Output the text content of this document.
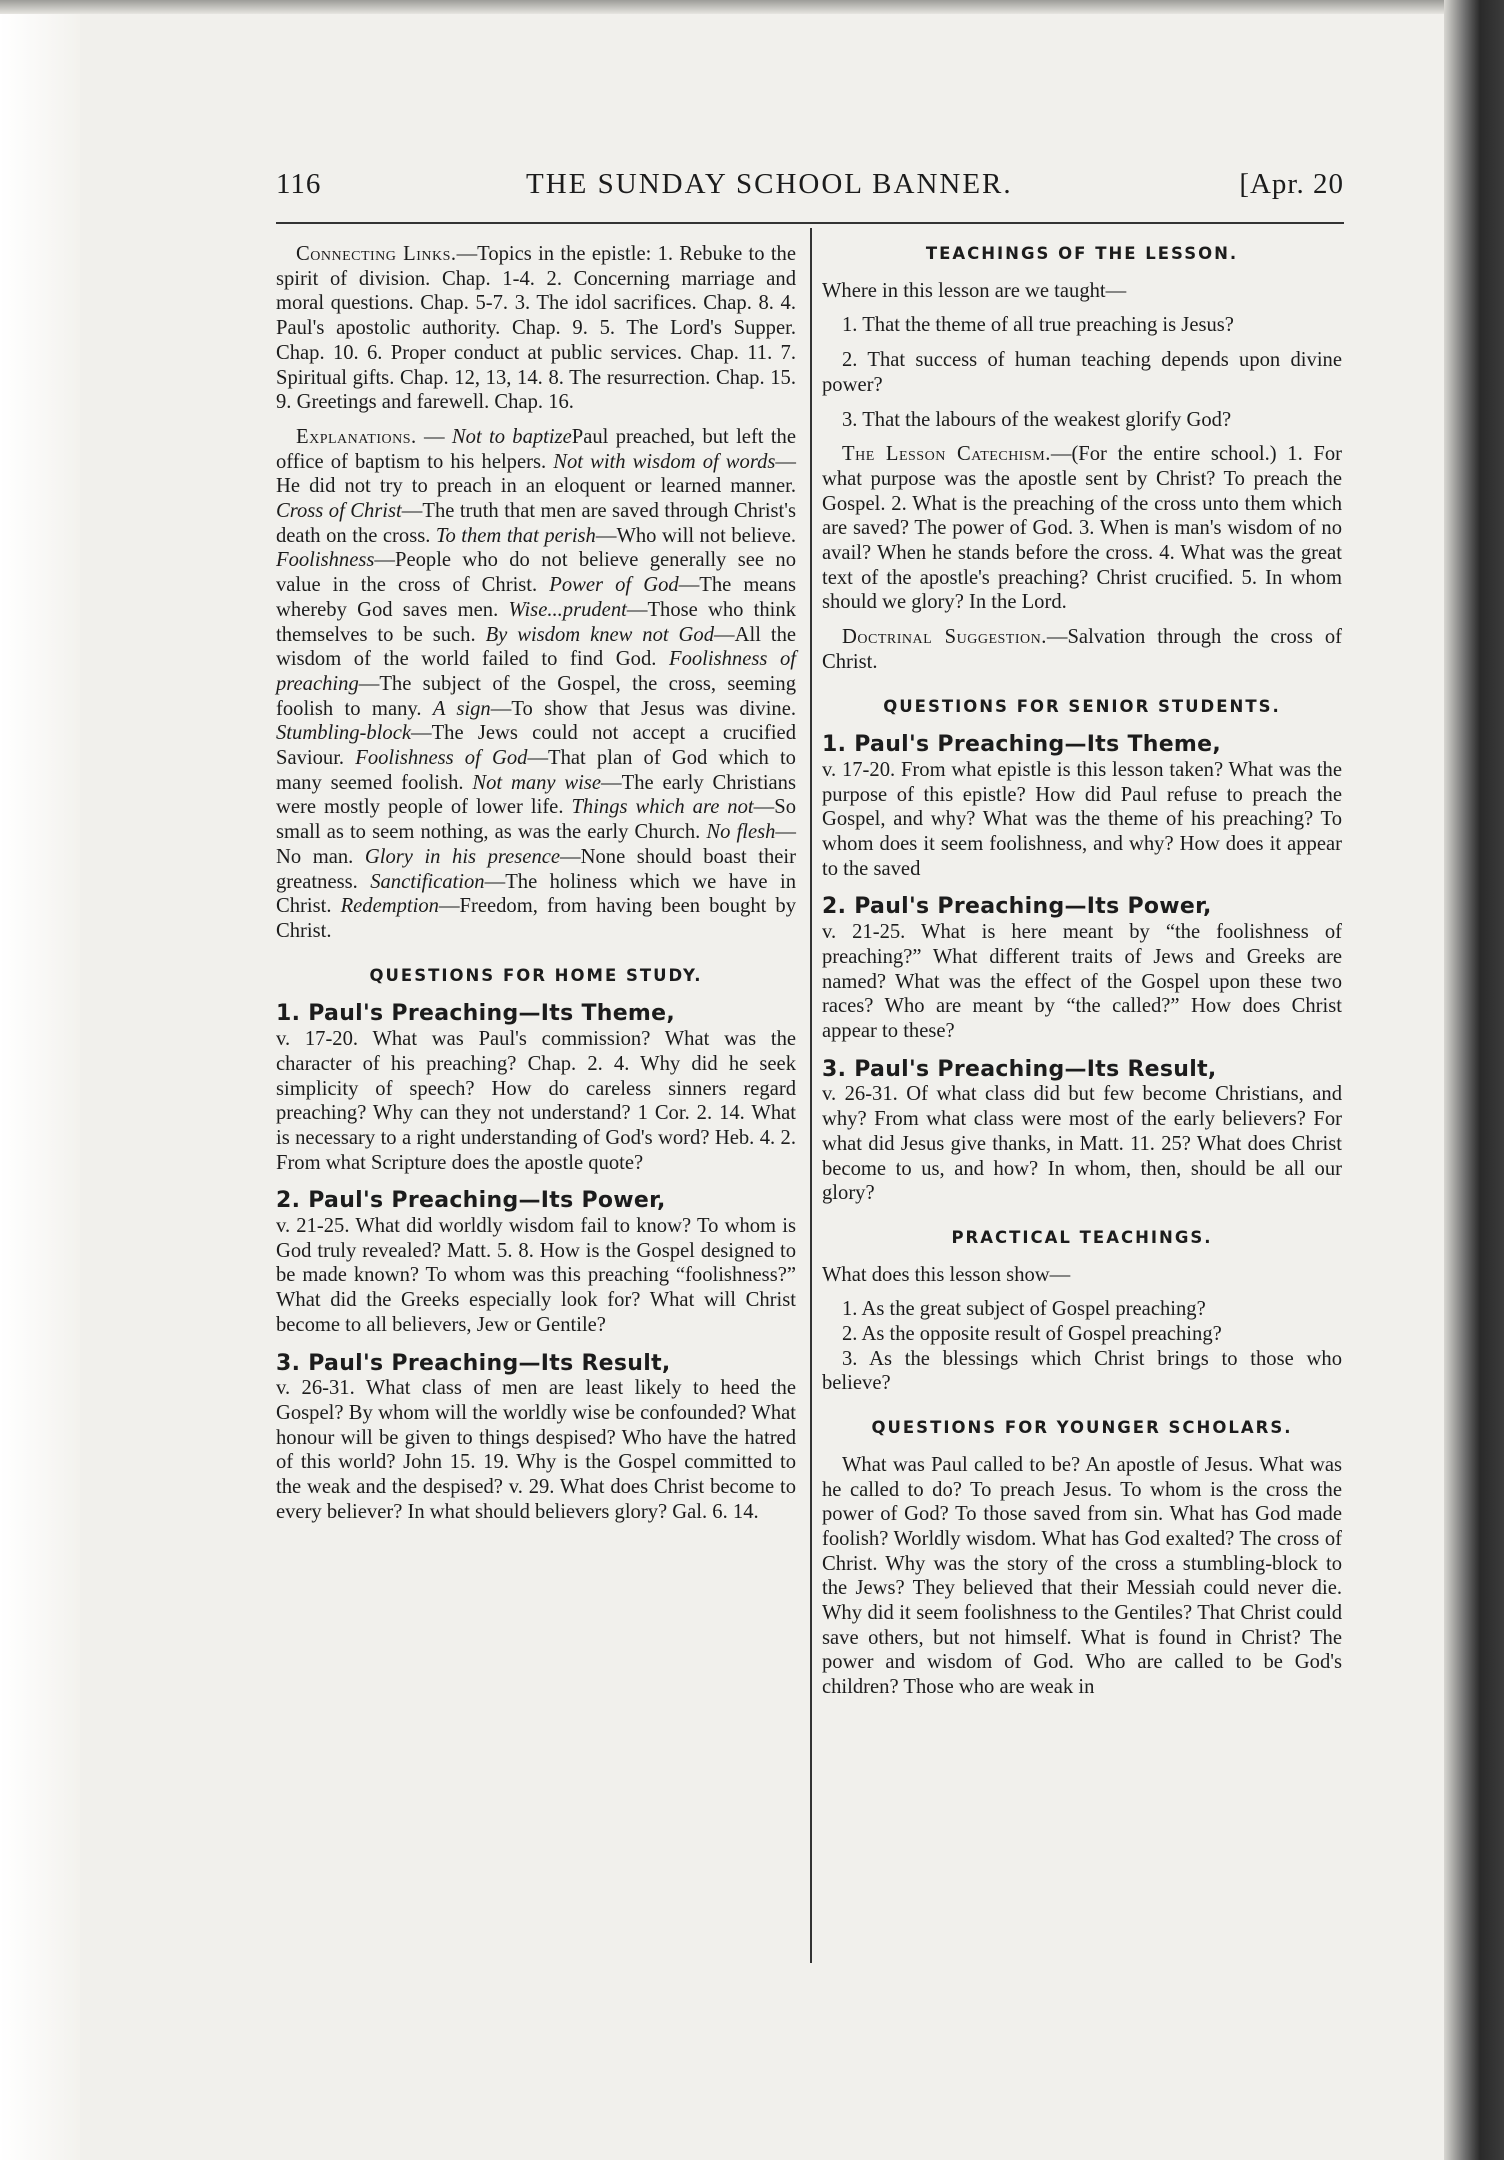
116	THE SUNDAY SCHOOL BANNER.	[Apr. 20

Connecting Links.—Topics in the epistle: 1. Rebuke to the spirit of division. Chap. 1-4. 2. Concerning marriage and moral questions. Chap. 5-7. 3. The idol sacrifices. Chap. 8. 4. Paul's apostolic authority. Chap. 9. 5. The Lord's Supper. Chap. 10. 6. Proper conduct at public services. Chap. 11. 7. Spiritual gifts. Chap. 12, 13, 14. 8. The resurrection. Chap. 15. 9. Greetings and farewell. Chap. 16.

Explanations. — Not to baptizePaul preached, but left the office of baptism to his helpers. Not with wisdom of words—He did not try to preach in an eloquent or learned manner. Cross of Christ—The truth that men are saved through Christ's death on the cross. To them that perish—Who will not believe. Foolishness—People who do not believe generally see no value in the cross of Christ. Power of God—The means whereby God saves men. Wise...prudent—Those who think themselves to be such. By wisdom knew not God—All the wisdom of the world failed to find God. Foolishness of preaching—The subject of the Gospel, the cross, seeming foolish to many. A sign—To show that Jesus was divine. Stumbling-block—The Jews could not accept a crucified Saviour. Foolishness of God—That plan of God which to many seemed foolish. Not many wise—The early Christians were mostly people of lower life. Things which are not—So small as to seem nothing, as was the early Church. No flesh—No man. Glory in his presence—None should boast their greatness. Sanctification—The holiness which we have in Christ. Redemption—Freedom, from having been bought by Christ.

QUESTIONS FOR HOME STUDY.
1. Paul's Preaching—Its Theme,

v. 17-20. What was Paul's commission? What was the character of his preaching? Chap. 2. 4. Why did he seek simplicity of speech? How do careless sinners regard preaching? Why can they not understand? 1 Cor. 2. 14. What is necessary to a right understanding of God's word? Heb. 4. 2. From what Scripture does the apostle quote?

2. Paul's Preaching—Its Power,

v. 21-25. What did worldly wisdom fail to know? To whom is God truly revealed? Matt. 5. 8. How is the Gospel designed to be made known? To whom was this preaching “foolishness?” What did the Greeks especially look for? What will Christ become to all believers, Jew or Gentile?

3. Paul's Preaching—Its Result,

v. 26-31. What class of men are least likely to heed the Gospel? By whom will the worldly wise be confounded? What honour will be given to things despised? Who have the hatred of this world? John 15. 19. Why is the Gospel committed to the weak and the despised? v. 29. What does Christ become to every believer? In what should believers glory? Gal. 6. 14.

TEACHINGS OF THE LESSON.

Where in this lesson are we taught—

1. That the theme of all true preaching is Jesus?

2. That success of human teaching depends upon divine power?

3. That the labours of the weakest glorify God?

The Lesson Catechism.—(For the entire school.) 1. For what purpose was the apostle sent by Christ? To preach the Gospel. 2. What is the preaching of the cross unto them which are saved? The power of God. 3. When is man's wisdom of no avail? When he stands before the cross. 4. What was the great text of the apostle's preaching? Christ crucified. 5. In whom should we glory? In the Lord.

Doctrinal Suggestion.—Salvation through the cross of Christ.

QUESTIONS FOR SENIOR STUDENTS.
1. Paul's Preaching—Its Theme,

v. 17-20. From what epistle is this lesson taken? What was the purpose of this epistle? How did Paul refuse to preach the Gospel, and why? What was the theme of his preaching? To whom does it seem foolishness, and why? How does it appear to the saved

2. Paul's Preaching—Its Power,

v. 21-25. What is here meant by “the foolishness of preaching?” What different traits of Jews and Greeks are named? What was the effect of the Gospel upon these two races? Who are meant by “the called?” How does Christ appear to these?

3. Paul's Preaching—Its Result,

v. 26-31. Of what class did but few become Christians, and why? From what class were most of the early believers? For what did Jesus give thanks, in Matt. 11. 25? What does Christ become to us, and how? In whom, then, should be all our glory?

PRACTICAL TEACHINGS.

What does this lesson show—

1. As the great subject of Gospel preaching?

2. As the opposite result of Gospel preaching?

3. As the blessings which Christ brings to those who believe?

QUESTIONS FOR YOUNGER SCHOLARS.

What was Paul called to be? An apostle of Jesus. What was he called to do? To preach Jesus. To whom is the cross the power of God? To those saved from sin. What has God made foolish? Worldly wisdom. What has God exalted? The cross of Christ. Why was the story of the cross a stumbling-block to the Jews? They believed that their Messiah could never die. Why did it seem foolishness to the Gentiles? That Christ could save others, but not himself. What is found in Christ? The power and wisdom of God. Who are called to be God's children? Those who are weak in
